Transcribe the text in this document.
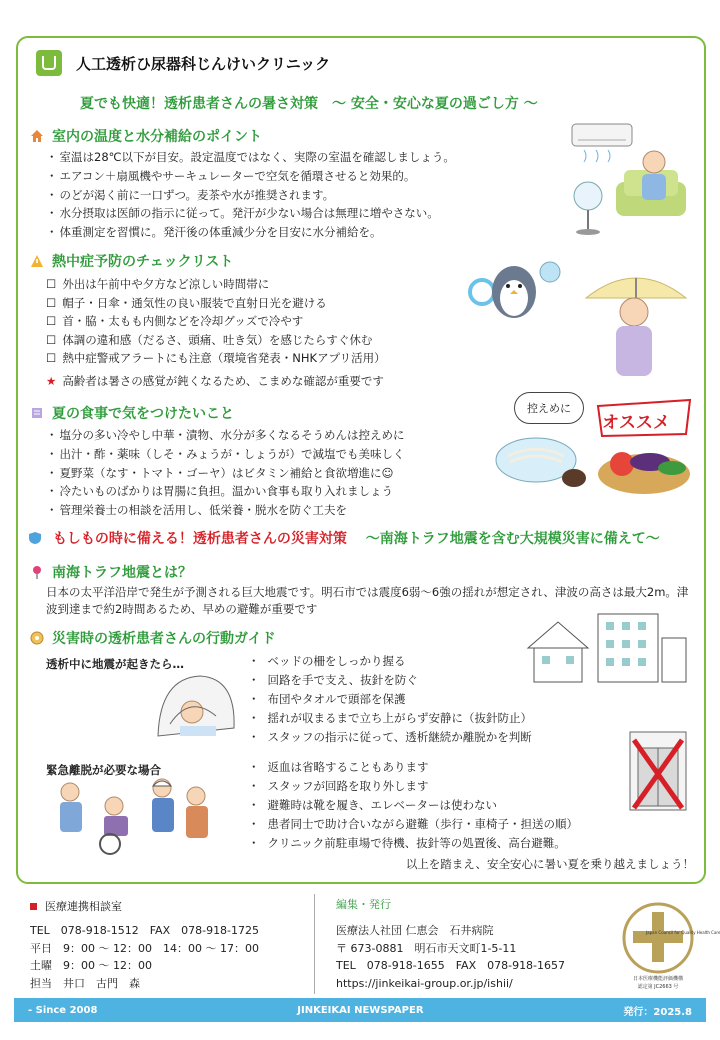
人工透析ひ尿器科じんけいクリニック
夏でも快適！透析患者さんの暑さ対策　～ 安全・安心な夏の過ごし方 ～
室内の温度と水分補給のポイント
・ 室温は28℃以下が目安。設定温度ではなく、実際の室温を確認しましょう。
・ エアコン＋扇風機やサーキュレーターで空気を循環させると効果的。
・ のどが渇く前に一口ずつ。麦茶や水が推奨されます。
・ 水分摂取は医師の指示に従って。発汗が少ない場合は無理に増やさない。
・ 体重測定を習慣に。発汗後の体重減少分を目安に水分補給を。
熱中症予防のチェックリスト
☐ 外出は午前中や夕方など涼しい時間帯に
☐ 帽子・日傘・通気性の良い服装で直射日光を避ける
☐ 首・脇・太もも内側などを冷却グッズで冷やす
☐ 体調の違和感（だるさ、頭痛、吐き気）を感じたらすぐ休む
☐ 熱中症警戒アラートにも注意（環境省発表・NHKアプリ活用）
★ 高齢者は暑さの感覚が鈍くなるため、こまめな確認が重要です
夏の食事で気をつけたいこと
・ 塩分の多い冷やし中華・漬物、水分が多くなるそうめんは控えめに
・ 出汁・酢・薬味（しそ・みょうが・しょうが）で減塩でも美味しく
・ 夏野菜（なす・トマト・ゴーヤ）はビタミン補給と食欲増進に☺
・ 冷たいものばかりは胃腸に負担。温かい食事も取り入れましょう
・ 管理栄養士の相談を活用し、低栄養・脱水を防ぐ工夫を
控えめに
オススメ
もしもの時に備える！透析患者さんの災害対策 ～南海トラフ地震を含む大規模災害に備えて～
南海トラフ地震とは？
日本の太平洋沿岸で発生が予測される巨大地震です。明石市では震度6弱～6強の揺れが想定され、津波の高さは最大2m。津波到達まで約2時間あるため、早めの避難が重要です
災害時の透析患者さんの行動ガイド
透析中に地震が起きたら…	・ ベッドの柵をしっかり握る
・ 回路を手で支え、抜針を防ぐ
・ 布団やタオルで頭部を保護
・ 揺れが収まるまで立ち上がらず安静に（抜針防止）
・ スタッフの指示に従って、透析継続か離脱かを判断
緊急離脱が必要な場合	・ 返血は省略することもあります
・ スタッフが回路を取り外します
・ 避難時は靴を履き、エレベーターは使わない
・ 患者同士で助け合いながら避難（歩行・車椅子・担送の順）
・ クリニック前駐車場で待機、抜針等の処置後、高台避難。
以上を踏まえ、安全安心に暑い夏を乗り越えましょう！
医療連携相談室
TEL　078-918-1512　FAX　078-918-1725
平日　9：00 ～ 12：00　14：00 ～ 17：00
土曜　9：00 ～ 12：00
担当　井口　古門　森
編集・発行
医療法人社団 仁恵会　石井病院
〒 673-0881　明石市天文町1-5-11
TEL　078-918-1655　FAX　078-918-1657
https://jinkeikai-group.or.jp/ishii/	日本医療機能評価機構
認定第 JC2663 号
Japan Council for Quality Health Care
- Since 2008	JINKEIKAI NEWSPAPER	発行：2025.8
